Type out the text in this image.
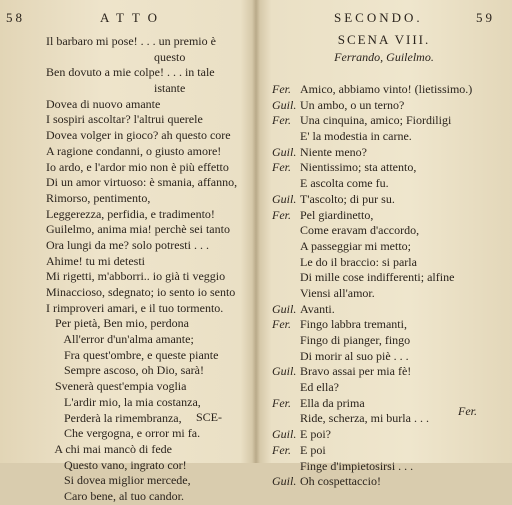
58	ATTO
Il barbaro mi pose! . . . un premio è
questo
Ben dovuto a mie colpe! . . . in tale
istante
Dovea di nuovo amante
I sospiri ascoltar? l'altrui querele
Dovea volger in gioco? ah questo core
A ragione condanni, o giusto amore!
Io ardo, e l'ardor mio non è più effetto
Di un amor virtuoso: è smania, affanno,
Rimorso, pentimento,
Leggerezza, perfidia, e tradimento!
Guilelmo, anima mia! perchè sei tanto
Ora lungi da me? solo potresti . . .
Ahime! tu mi detesti
Mi rigetti, m'abborri.. io già ti veggio
Minaccioso, sdegnato; io sento io sento
I rimproveri amari, e il tuo tormento.
Per pietà, Ben mio, perdona
All'error d'un'alma amante;
Fra quest'ombre, e queste piante
Sempre ascoso, oh Dio, sarà!
Svenerà quest'empia voglia
L'ardir mio, la mia costanza,
Perderà la rimembranza,
Che vergogna, e orror mi fa.
A chi mai mancò di fede
Questo vano, ingrato cor!
Si dovea miglior mercede,
Caro bene, al tuo candor.
SCE-
SECONDO.	59
SCENA VIII.
Ferrando, Guilelmo.
Fer. Amico, abbiamo vinto! (lietissimo.)
Guil. Un ambo, o un terno?
Fer. Una cinquina, amico; Fiordiligi
E' la modestia in carne.
Guil. Niente meno?
Fer. Nientissimo; sta attento,
E ascolta come fu.
Guil. T'ascolto; di pur su.
Fer. Pel giardinetto,
Come eravam d'accordo,
A passeggiar mi metto;
Le do il braccio: si parla
Di mille cose indifferenti; alfine
Viensi all'amor.
Guil. Avanti.
Fer. Fingo labbra tremanti,
Fingo di pianger, fingo
Di morir al suo piè . . .
Guil. Bravo assai per mia fè!
Ed ella?
Fer. Ella da prima
Ride, scherza, mi burla . . .
Guil. E poi?
Fer. E poi
Finge d'impietosirsi . . .
Guil. Oh cospettaccio!
Fer.
